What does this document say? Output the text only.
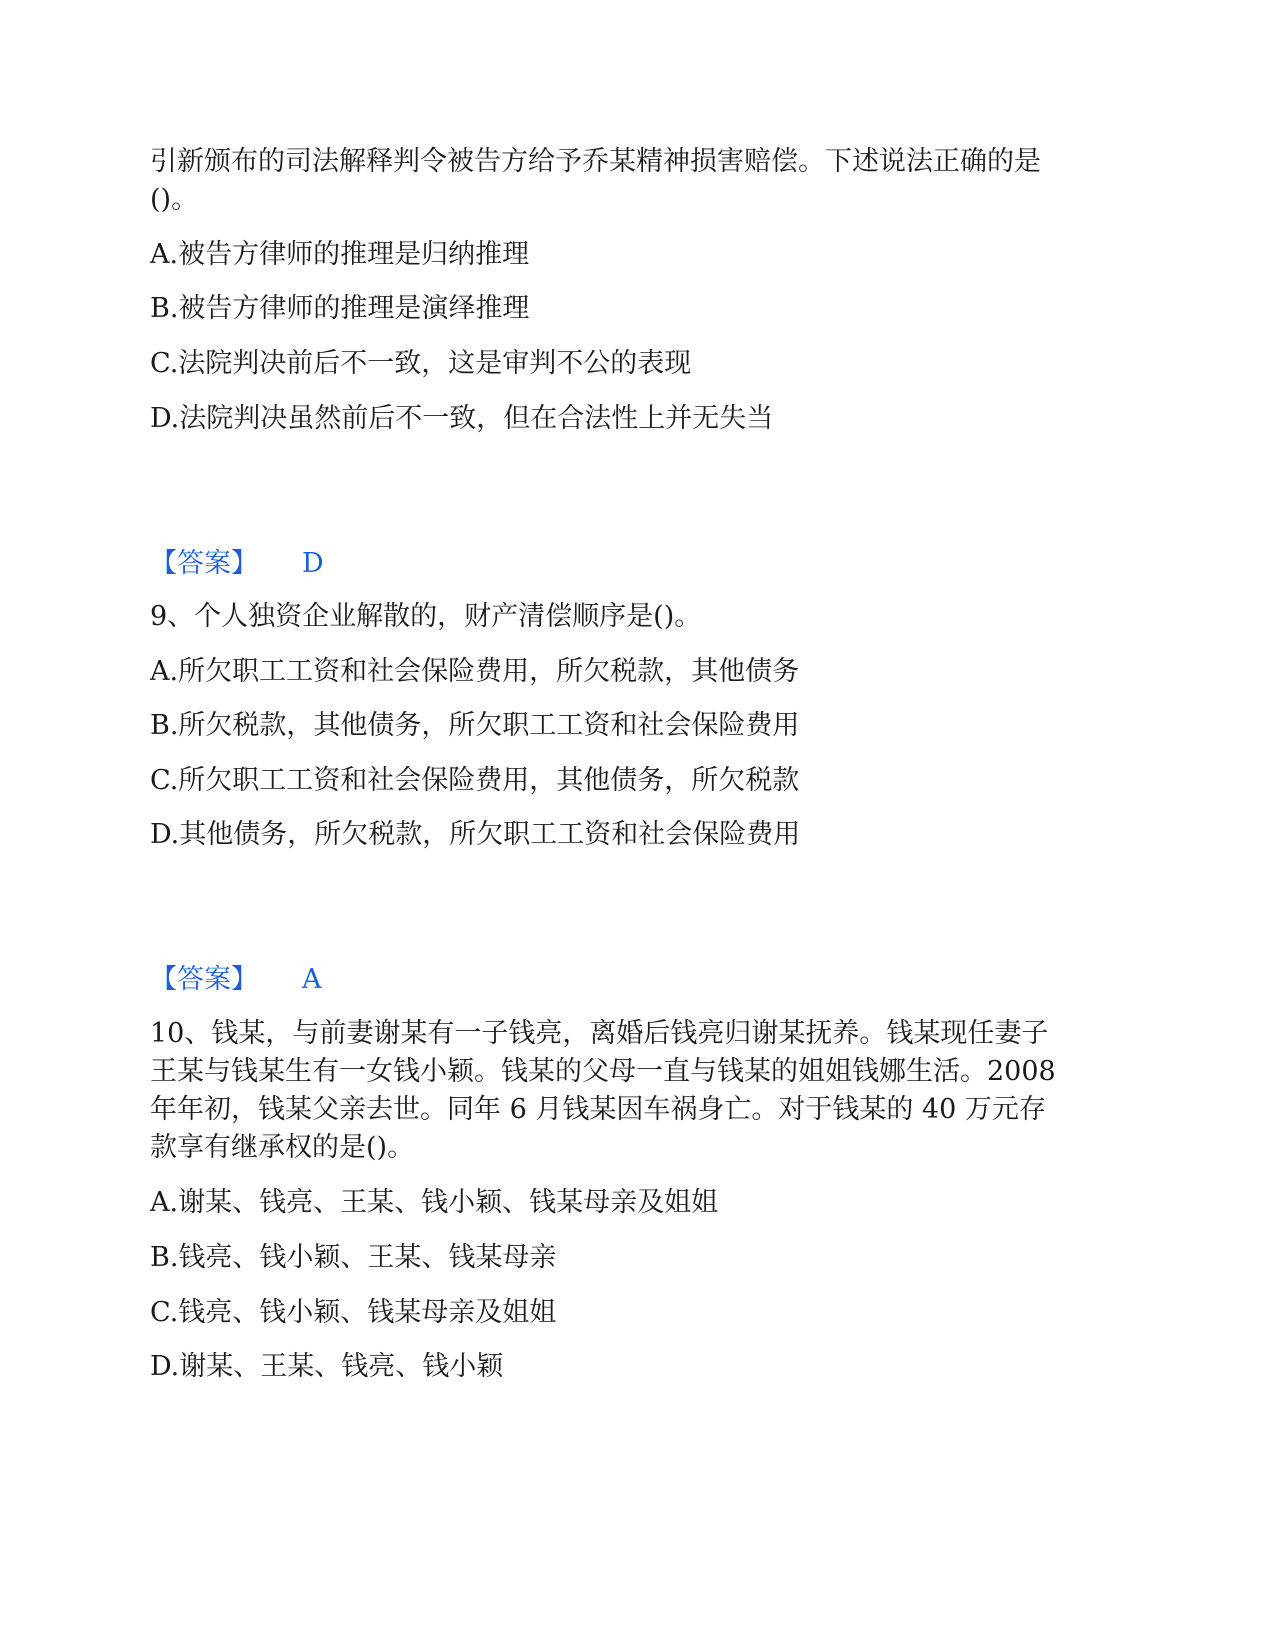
引新颁布的司法解释判令被告方给予乔某精神损害赔偿。下述说法正确的是
()。
A.被告方律师的推理是归纳推理
B.被告方律师的推理是演绎推理
C.法院判决前后不一致，这是审判不公的表现
D.法院判决虽然前后不一致，但在合法性上并无失当
【答案】 D
9、个人独资企业解散的，财产清偿顺序是()。
A.所欠职工工资和社会保险费用，所欠税款，其他债务
B.所欠税款，其他债务，所欠职工工资和社会保险费用
C.所欠职工工资和社会保险费用，其他债务，所欠税款
D.其他债务，所欠税款，所欠职工工资和社会保险费用
【答案】 A
10、钱某，与前妻谢某有一子钱亮，离婚后钱亮归谢某抚养。钱某现任妻子
王某与钱某生有一女钱小颖。钱某的父母一直与钱某的姐姐钱娜生活。2008
年年初，钱某父亲去世。同年 6 月钱某因车祸身亡。对于钱某的 40 万元存
款享有继承权的是()。
A.谢某、钱亮、王某、钱小颖、钱某母亲及姐姐
B.钱亮、钱小颖、王某、钱某母亲
C.钱亮、钱小颖、钱某母亲及姐姐
D.谢某、王某、钱亮、钱小颖
